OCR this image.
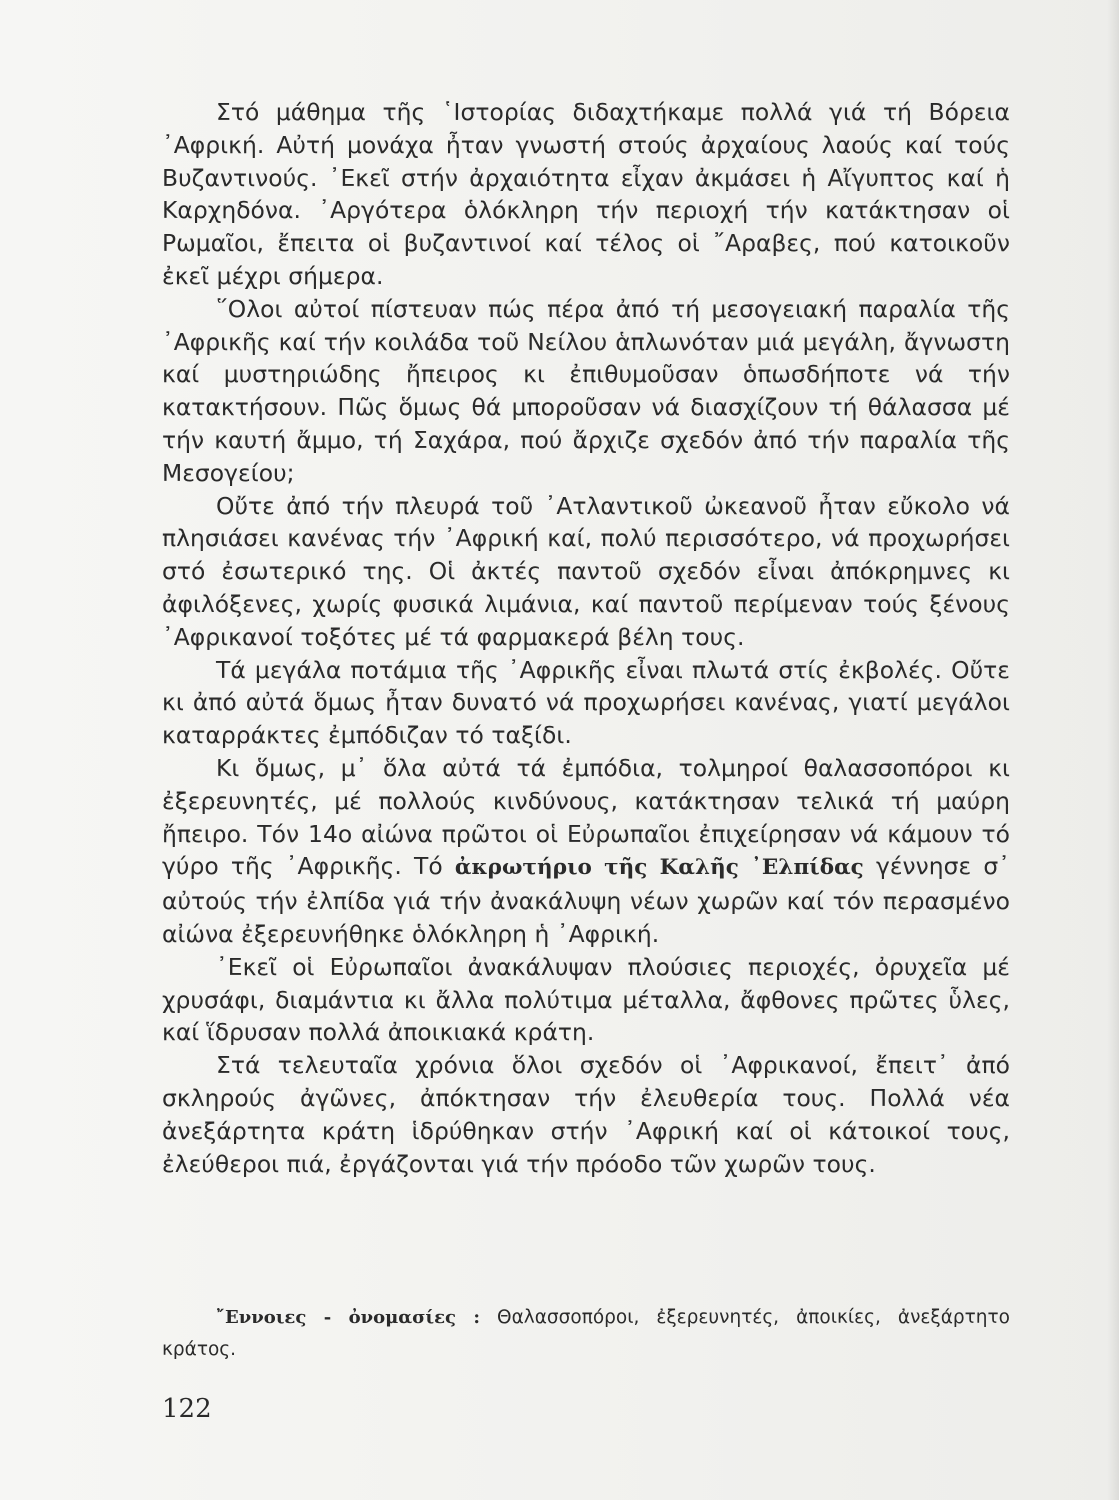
Στό μάθημα τῆς ῾Ιστορίας διδαχτήκαμε πολλά γιά τή Βόρεια ᾿Αφρική. Αὐτή μονάχα ἦταν γνωστή στούς ἀρχαίους λαούς καί τούς Βυζαντινούς. ᾿Εκεῖ στήν ἀρχαιότητα εἶχαν ἀκμάσει ἡ Αἴγυπτος καί ἡ Καρχηδόνα. ᾿Αργότερα ὁλόκληρη τήν περιοχή τήν κατάκτησαν οἱ Ρωμαῖοι, ἔπειτα οἱ βυζαντινοί καί τέλος οἱ ῎Αραβες, πού κατοικοῦν ἐκεῖ μέχρι σήμερα.

῞Ολοι αὐτοί πίστευαν πώς πέρα ἀπό τή μεσογειακή παραλία τῆς ᾿Αφρικῆς καί τήν κοιλάδα τοῦ Νείλου ἁπλωνόταν μιά μεγάλη, ἄγνωστη καί μυστηριώδης ἤπειρος κι ἐπιθυμοῦσαν ὁπωσδήποτε νά τήν κατακτήσουν. Πῶς ὅμως θά μποροῦσαν νά διασχίζουν τή θάλασσα μέ τήν καυτή ἄμμο, τή Σαχάρα, πού ἄρχιζε σχεδόν ἀπό τήν παραλία τῆς Μεσογείου;

Οὔτε ἀπό τήν πλευρά τοῦ ᾿Ατλαντικοῦ ὠκεανοῦ ἦταν εὔκολο νά πλησιάσει κανένας τήν ᾿Αφρική καί, πολύ περισσότερο, νά προχωρήσει στό ἐσωτερικό της. Οἱ ἀκτές παντοῦ σχεδόν εἶναι ἀπόκρημνες κι ἀφιλόξενες, χωρίς φυσικά λιμάνια, καί παντοῦ περίμεναν τούς ξένους ᾿Αφρικανοί τοξότες μέ τά φαρμακερά βέλη τους.

Τά μεγάλα ποτάμια τῆς ᾿Αφρικῆς εἶναι πλωτά στίς ἐκβολές. Οὔτε κι ἀπό αὐτά ὅμως ἦταν δυνατό νά προχωρήσει κανένας, γιατί μεγάλοι καταρράκτες ἐμπόδιζαν τό ταξίδι.

Κι ὅμως, μ᾿ ὅλα αὐτά τά ἐμπόδια, τολμηροί θαλασσοπόροι κι ἐξερευνητές, μέ πολλούς κινδύνους, κατάκτησαν τελικά τή μαύρη ἤπειρο. Τόν 14ο αἰώνα πρῶτοι οἱ Εὐρωπαῖοι ἐπιχείρησαν νά κάμουν τό γύρο τῆς ᾿Αφρικῆς. Τό ἀκρωτήριο τῆς Καλῆς ᾿Ελπίδας γέννησε σ᾿ αὐτούς τήν ἐλπίδα γιά τήν ἀνακάλυψη νέων χωρῶν καί τόν περασμένο αἰώνα ἐξερευνήθηκε ὁλόκληρη ἡ ᾿Αφρική.

᾿Εκεῖ οἱ Εὐρωπαῖοι ἀνακάλυψαν πλούσιες περιοχές, ὀρυχεῖα μέ χρυσάφι, διαμάντια κι ἄλλα πολύτιμα μέταλλα, ἄφθονες πρῶτες ὗλες, καί ἵδρυσαν πολλά ἀποικιακά κράτη.

Στά τελευταῖα χρόνια ὅλοι σχεδόν οἱ ᾿Αφρικανοί, ἔπειτ᾿ ἀπό σκληρούς ἀγῶνες, ἀπόκτησαν τήν ἐλευθερία τους. Πολλά νέα ἀνεξάρτητα κράτη ἱδρύθηκαν στήν ᾿Αφρική καί οἱ κάτοικοί τους, ἐλεύθεροι πιά, ἐργάζονται γιά τήν πρόοδο τῶν χωρῶν τους.

῎Εννοιες - ὀνομασίες : Θαλασσοπόροι, ἐξερευνητές, ἀποικίες, ἀνεξάρτητο κράτος.

122
